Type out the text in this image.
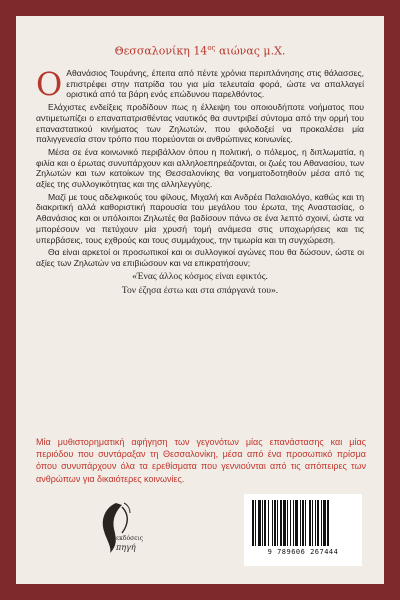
Θεσσαλονίκη $14^{o\varsigma}$ αιώνας μ.Χ.

Ο Αθανάσιος Τουράνης, έπειτα από πέντε χρόνια περιπλάνησης στις θάλασσες, επιστρέφει στην πατρίδα του για μία τελευταία φορά, ώστε να απαλλαγεί οριστικά από τα βάρη ενός επώδυνου παρελθόντος.

Ελάχιστες ενδείξεις προδίδουν πως η έλλειψη του οποιουδήποτε νοήματος που αντιμετωπίζει ο επαναπατρισθέντας ναυτικός θα συντριβεί σύντομα από την ορμή του επαναστατικού κινήματος των Ζηλωτών, που φιλοδοξεί να προκαλέσει μία παλιγγενεσία στον τρόπο που πορεύονται οι ανθρώπινες κοινωνίες.

Μέσα σε ένα κοινωνικό περιβάλλον όπου η πολιτική, ο πόλεμος, η διπλωματία, η φιλία και ο έρωτας συνυπάρχουν και αλληλοεπηρεάζονται, οι ζωές του Αθανασίου, των Ζηλωτών και των κατοίκων της Θεσσαλονίκης θα νοηματοδοτηθούν μέσα από τις αξίες της συλλογικότητας και της αλληλεγγύης.

Μαζί με τους αδελφικούς του φίλους, Μιχαλή και Ανδρέα Παλαιολόγο, καθώς και τη διακριτική αλλά καθοριστική παρουσία του μεγάλου του έρωτα, της Αναστασίας, ο Αθανάσιος και οι υπόλοιποι Ζηλωτές θα βαδίσουν πάνω σε ένα λεπτό σχοινί, ώστε να μπορέσουν να πετύχουν μία χρυσή τομή ανάμεσα στις υποχωρήσεις και τις υπερβάσεις, τους εχθρούς και τους συμμάχους, την τιμωρία και τη συγχώρεση.

Θα είναι αρκετοί οι προσωπικοί και οι συλλογικοί αγώνες που θα δώσουν, ώστε οι αξίες των Ζηλωτών να επιβιώσουν και να επικρατήσουν;

«Ένας άλλος κόσμος είναι εφικτός.
Τον έζησα έστω και στα σπάργανά του».
Μία μυθιστορηματική αφήγηση των γεγονότων μίας επανάστασης και μίας περιόδου που συντάραξαν τη Θεσσαλονίκη, μέσα από ένα προσωπικό πρίσμα όπου συνυπάρχουν όλα τα ερεθίσματα που γεννιούνται από τις απόπειρες των ανθρώπων για δικαιότερες κοινωνίες.
εκδόσεις
πηγή	9 789606 267444
